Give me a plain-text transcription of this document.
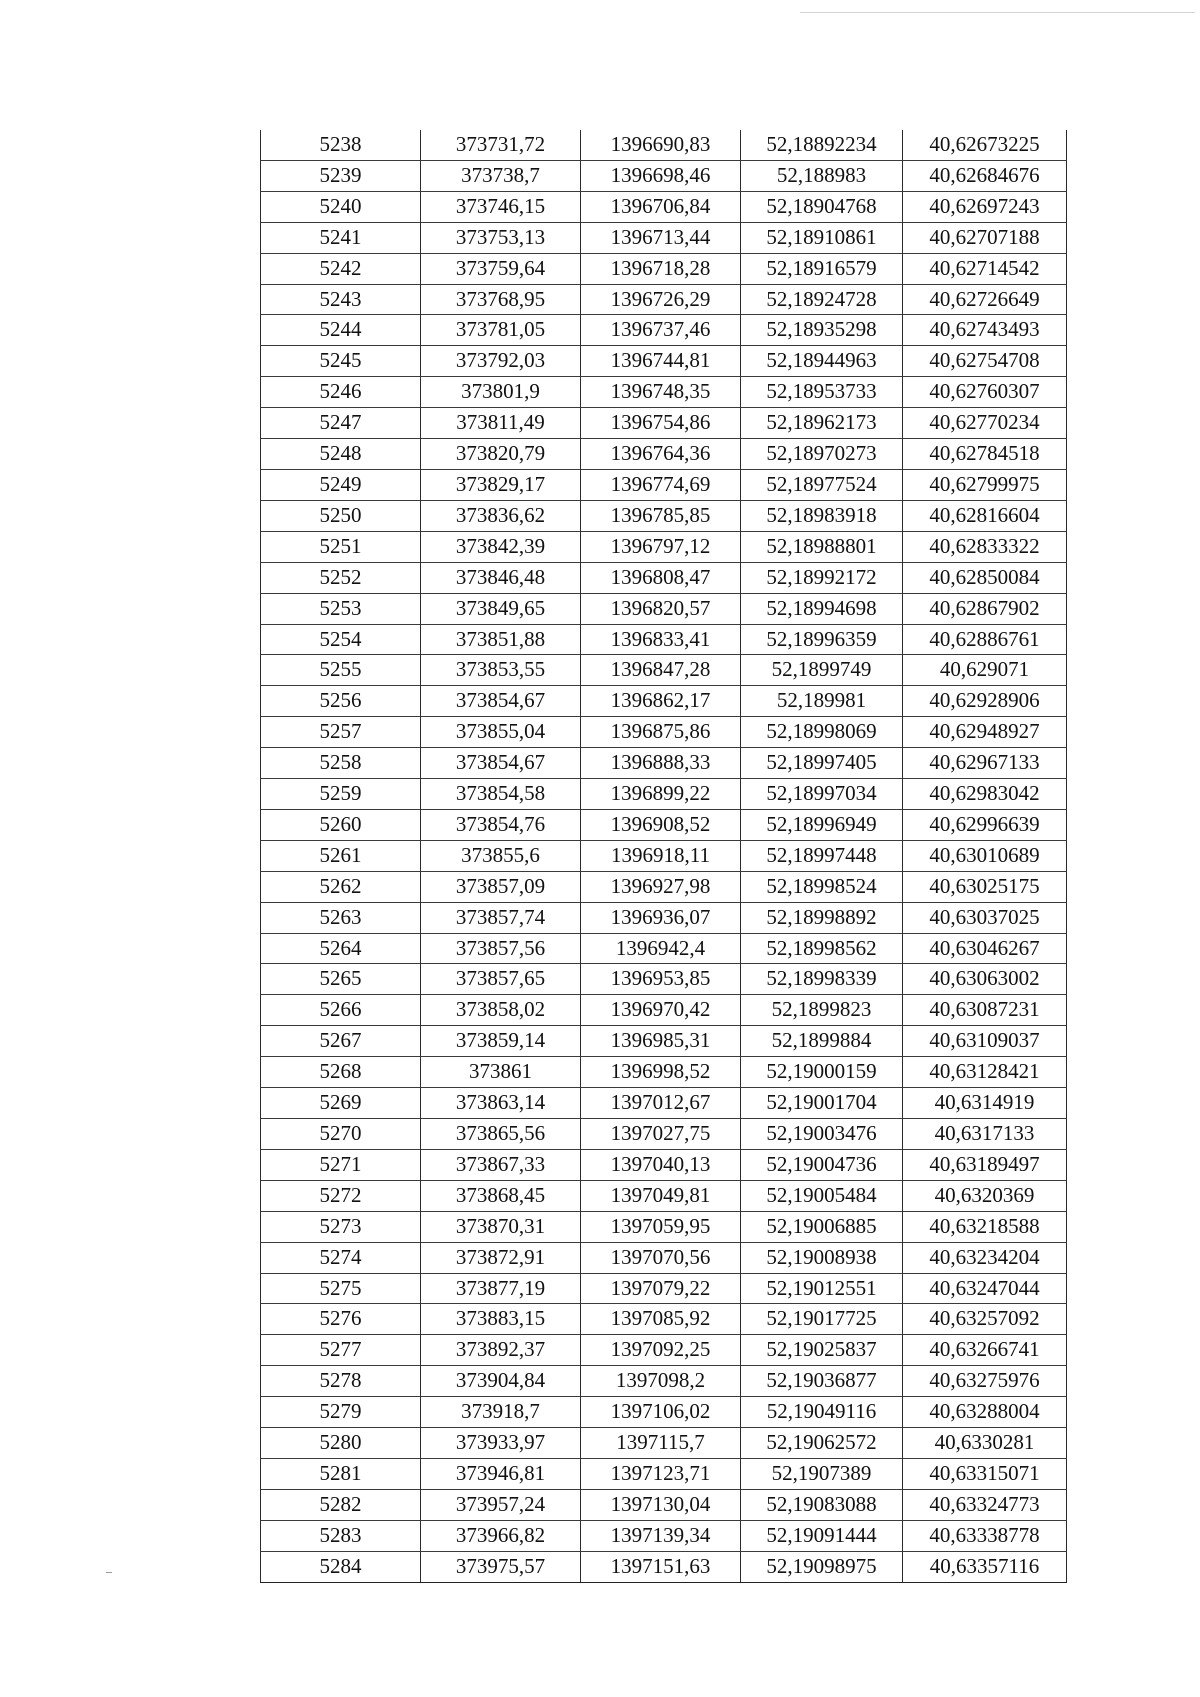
5238	373731,72	1396690,83	52,18892234	40,62673225
5239	373738,7	1396698,46	52,188983	40,62684676
5240	373746,15	1396706,84	52,18904768	40,62697243
5241	373753,13	1396713,44	52,18910861	40,62707188
5242	373759,64	1396718,28	52,18916579	40,62714542
5243	373768,95	1396726,29	52,18924728	40,62726649
5244	373781,05	1396737,46	52,18935298	40,62743493
5245	373792,03	1396744,81	52,18944963	40,62754708
5246	373801,9	1396748,35	52,18953733	40,62760307
5247	373811,49	1396754,86	52,18962173	40,62770234
5248	373820,79	1396764,36	52,18970273	40,62784518
5249	373829,17	1396774,69	52,18977524	40,62799975
5250	373836,62	1396785,85	52,18983918	40,62816604
5251	373842,39	1396797,12	52,18988801	40,62833322
5252	373846,48	1396808,47	52,18992172	40,62850084
5253	373849,65	1396820,57	52,18994698	40,62867902
5254	373851,88	1396833,41	52,18996359	40,62886761
5255	373853,55	1396847,28	52,1899749	40,629071
5256	373854,67	1396862,17	52,189981	40,62928906
5257	373855,04	1396875,86	52,18998069	40,62948927
5258	373854,67	1396888,33	52,18997405	40,62967133
5259	373854,58	1396899,22	52,18997034	40,62983042
5260	373854,76	1396908,52	52,18996949	40,62996639
5261	373855,6	1396918,11	52,18997448	40,63010689
5262	373857,09	1396927,98	52,18998524	40,63025175
5263	373857,74	1396936,07	52,18998892	40,63037025
5264	373857,56	1396942,4	52,18998562	40,63046267
5265	373857,65	1396953,85	52,18998339	40,63063002
5266	373858,02	1396970,42	52,1899823	40,63087231
5267	373859,14	1396985,31	52,1899884	40,63109037
5268	373861	1396998,52	52,19000159	40,63128421
5269	373863,14	1397012,67	52,19001704	40,6314919
5270	373865,56	1397027,75	52,19003476	40,6317133
5271	373867,33	1397040,13	52,19004736	40,63189497
5272	373868,45	1397049,81	52,19005484	40,6320369
5273	373870,31	1397059,95	52,19006885	40,63218588
5274	373872,91	1397070,56	52,19008938	40,63234204
5275	373877,19	1397079,22	52,19012551	40,63247044
5276	373883,15	1397085,92	52,19017725	40,63257092
5277	373892,37	1397092,25	52,19025837	40,63266741
5278	373904,84	1397098,2	52,19036877	40,63275976
5279	373918,7	1397106,02	52,19049116	40,63288004
5280	373933,97	1397115,7	52,19062572	40,6330281
5281	373946,81	1397123,71	52,1907389	40,63315071
5282	373957,24	1397130,04	52,19083088	40,63324773
5283	373966,82	1397139,34	52,19091444	40,63338778
5284	373975,57	1397151,63	52,19098975	40,63357116
